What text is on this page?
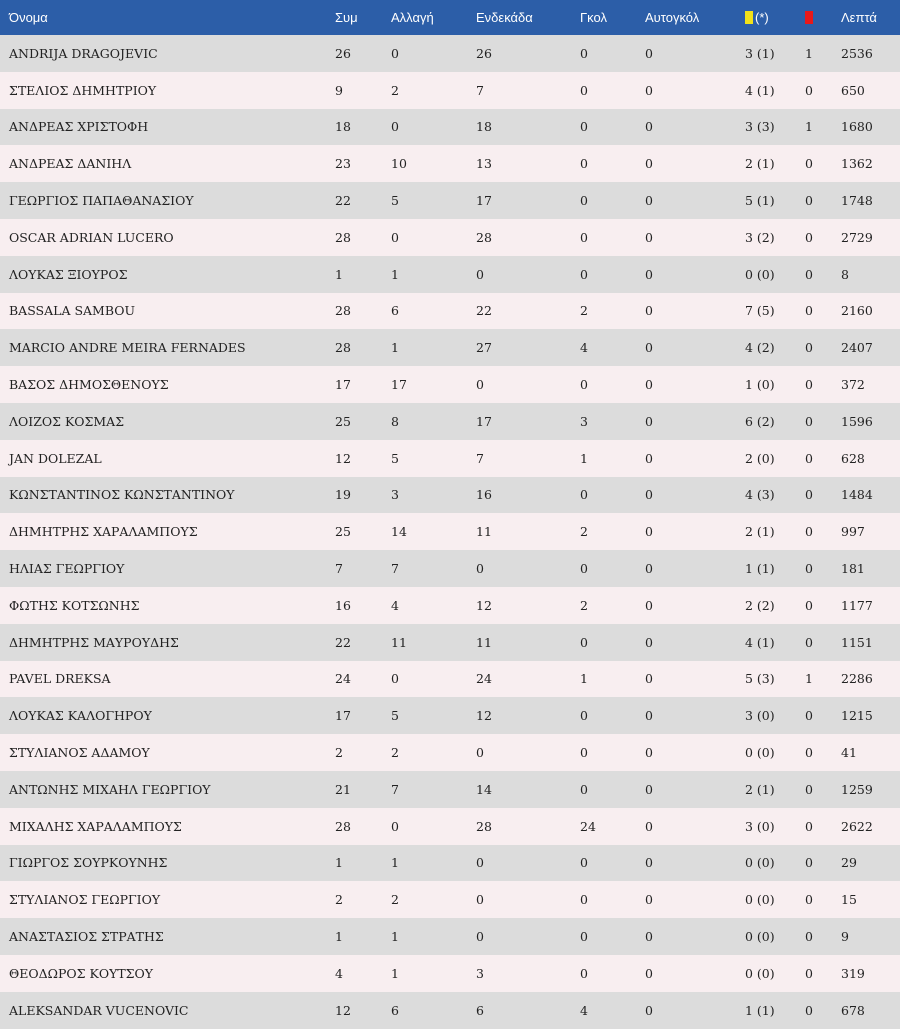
Όνομα	Συμ	Αλλαγή	Ενδεκάδα	Γκολ	Αυτογκόλ	(*)		Λεπτά
ANDRIJA DRAGOJEVIC	26	0	26	0	0	3 (1)	1	2536
ΣΤΕΛΙΟΣ ΔΗΜΗΤΡΙΟΥ	9	2	7	0	0	4 (1)	0	650
ΑΝΔΡΕΑΣ ΧΡΙΣΤΟΦΗ	18	0	18	0	0	3 (3)	1	1680
ΑΝΔΡΕΑΣ ΔΑΝΙΗΛ	23	10	13	0	0	2 (1)	0	1362
ΓΕΩΡΓΙΟΣ ΠΑΠΑΘΑΝΑΣΙΟΥ	22	5	17	0	0	5 (1)	0	1748
OSCAR ADRIAN LUCERO	28	0	28	0	0	3 (2)	0	2729
ΛΟΥΚΑΣ ΞΙΟΥΡΟΣ	1	1	0	0	0	0 (0)	0	8
BASSALA SAMBOU	28	6	22	2	0	7 (5)	0	2160
MARCIO ANDRE MEIRA FERNADES	28	1	27	4	0	4 (2)	0	2407
ΒΑΣΟΣ ΔΗΜΟΣΘΕΝΟΥΣ	17	17	0	0	0	1 (0)	0	372
ΛΟΙΖΟΣ ΚΟΣΜΑΣ	25	8	17	3	0	6 (2)	0	1596
JAN DOLEZAL	12	5	7	1	0	2 (0)	0	628
ΚΩΝΣΤΑΝΤΙΝΟΣ ΚΩΝΣΤΑΝΤΙΝΟΥ	19	3	16	0	0	4 (3)	0	1484
ΔΗΜΗΤΡΗΣ ΧΑΡΑΛΑΜΠΟΥΣ	25	14	11	2	0	2 (1)	0	997
ΗΛΙΑΣ ΓΕΩΡΓΙΟΥ	7	7	0	0	0	1 (1)	0	181
ΦΩΤΗΣ ΚΟΤΣΩΝΗΣ	16	4	12	2	0	2 (2)	0	1177
ΔΗΜΗΤΡΗΣ ΜΑΥΡΟΥΔΗΣ	22	11	11	0	0	4 (1)	0	1151
PAVEL DREKSA	24	0	24	1	0	5 (3)	1	2286
ΛΟΥΚΑΣ ΚΑΛΟΓΗΡΟΥ	17	5	12	0	0	3 (0)	0	1215
ΣΤΥΛΙΑΝΟΣ ΑΔΑΜΟΥ	2	2	0	0	0	0 (0)	0	41
ΑΝΤΩΝΗΣ ΜΙΧΑΗΛ ΓΕΩΡΓΙΟΥ	21	7	14	0	0	2 (1)	0	1259
ΜΙΧΑΛΗΣ ΧΑΡΑΛΑΜΠΟΥΣ	28	0	28	24	0	3 (0)	0	2622
ΓΙΩΡΓΟΣ ΣΟΥΡΚΟΥΝΗΣ	1	1	0	0	0	0 (0)	0	29
ΣΤΥΛΙΑΝΟΣ ΓΕΩΡΓΙΟΥ	2	2	0	0	0	0 (0)	0	15
ΑΝΑΣΤΑΣΙΟΣ ΣΤΡΑΤΗΣ	1	1	0	0	0	0 (0)	0	9
ΘΕΟΔΩΡΟΣ ΚΟΥΤΣΟΥ	4	1	3	0	0	0 (0)	0	319
ALEKSANDAR VUCENOVIC	12	6	6	4	0	1 (1)	0	678
